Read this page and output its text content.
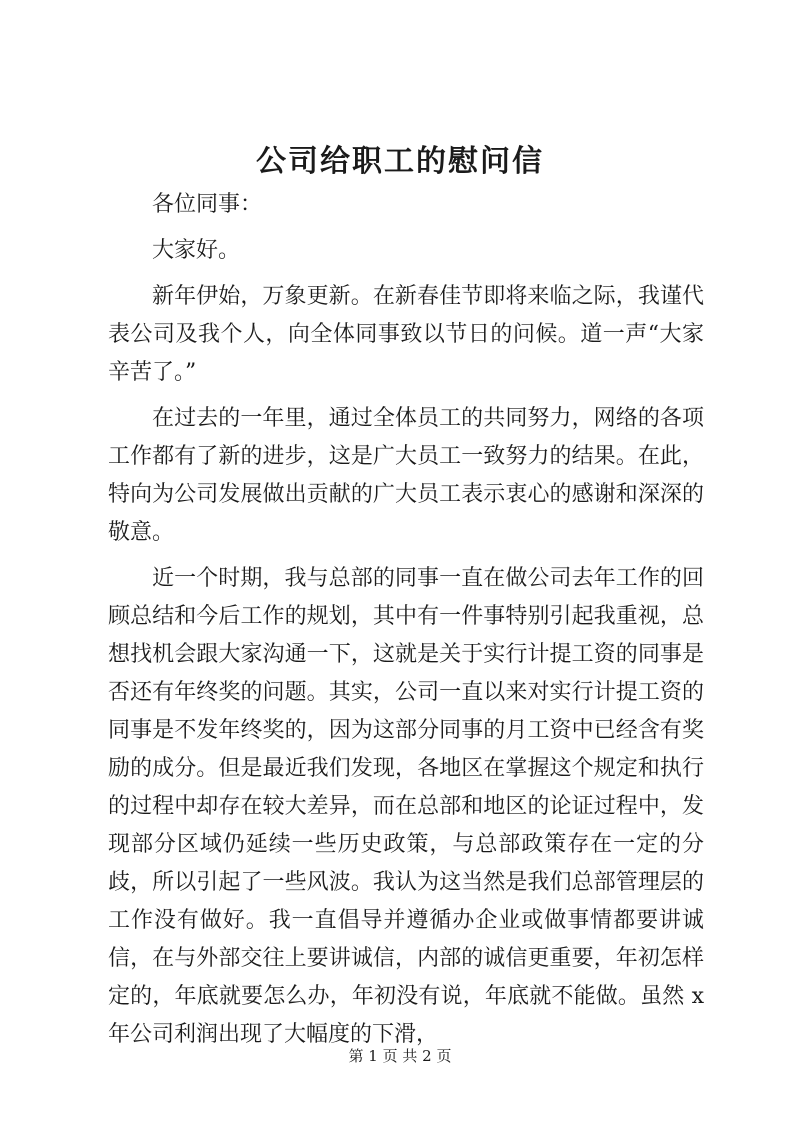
公司给职工的慰问信

各位同事：

大家好。

新年伊始，万象更新。在新春佳节即将来临之际，我谨代表公司及我个人，向全体同事致以节日的问候。道一声“大家辛苦了。”

在过去的一年里，通过全体员工的共同努力，网络的各项工作都有了新的进步，这是广大员工一致努力的结果。在此，特向为公司发展做出贡献的广大员工表示衷心的感谢和深深的敬意。

近一个时期，我与总部的同事一直在做公司去年工作的回顾总结和今后工作的规划，其中有一件事特别引起我重视，总想找机会跟大家沟通一下，这就是关于实行计提工资的同事是否还有年终奖的问题。其实，公司一直以来对实行计提工资的同事是不发年终奖的，因为这部分同事的月工资中已经含有奖励的成分。但是最近我们发现，各地区在掌握这个规定和执行的过程中却存在较大差异，而在总部和地区的论证过程中，发现部分区域仍延续一些历史政策，与总部政策存在一定的分歧，所以引起了一些风波。我认为这当然是我们总部管理层的工作没有做好。我一直倡导并遵循办企业或做事情都要讲诚信，在与外部交往上要讲诚信，内部的诚信更重要，年初怎样定的，年底就要怎么办，年初没有说，年底就不能做。虽然 x 年公司利润出现了大幅度的下滑，

第 1 页 共 2 页
